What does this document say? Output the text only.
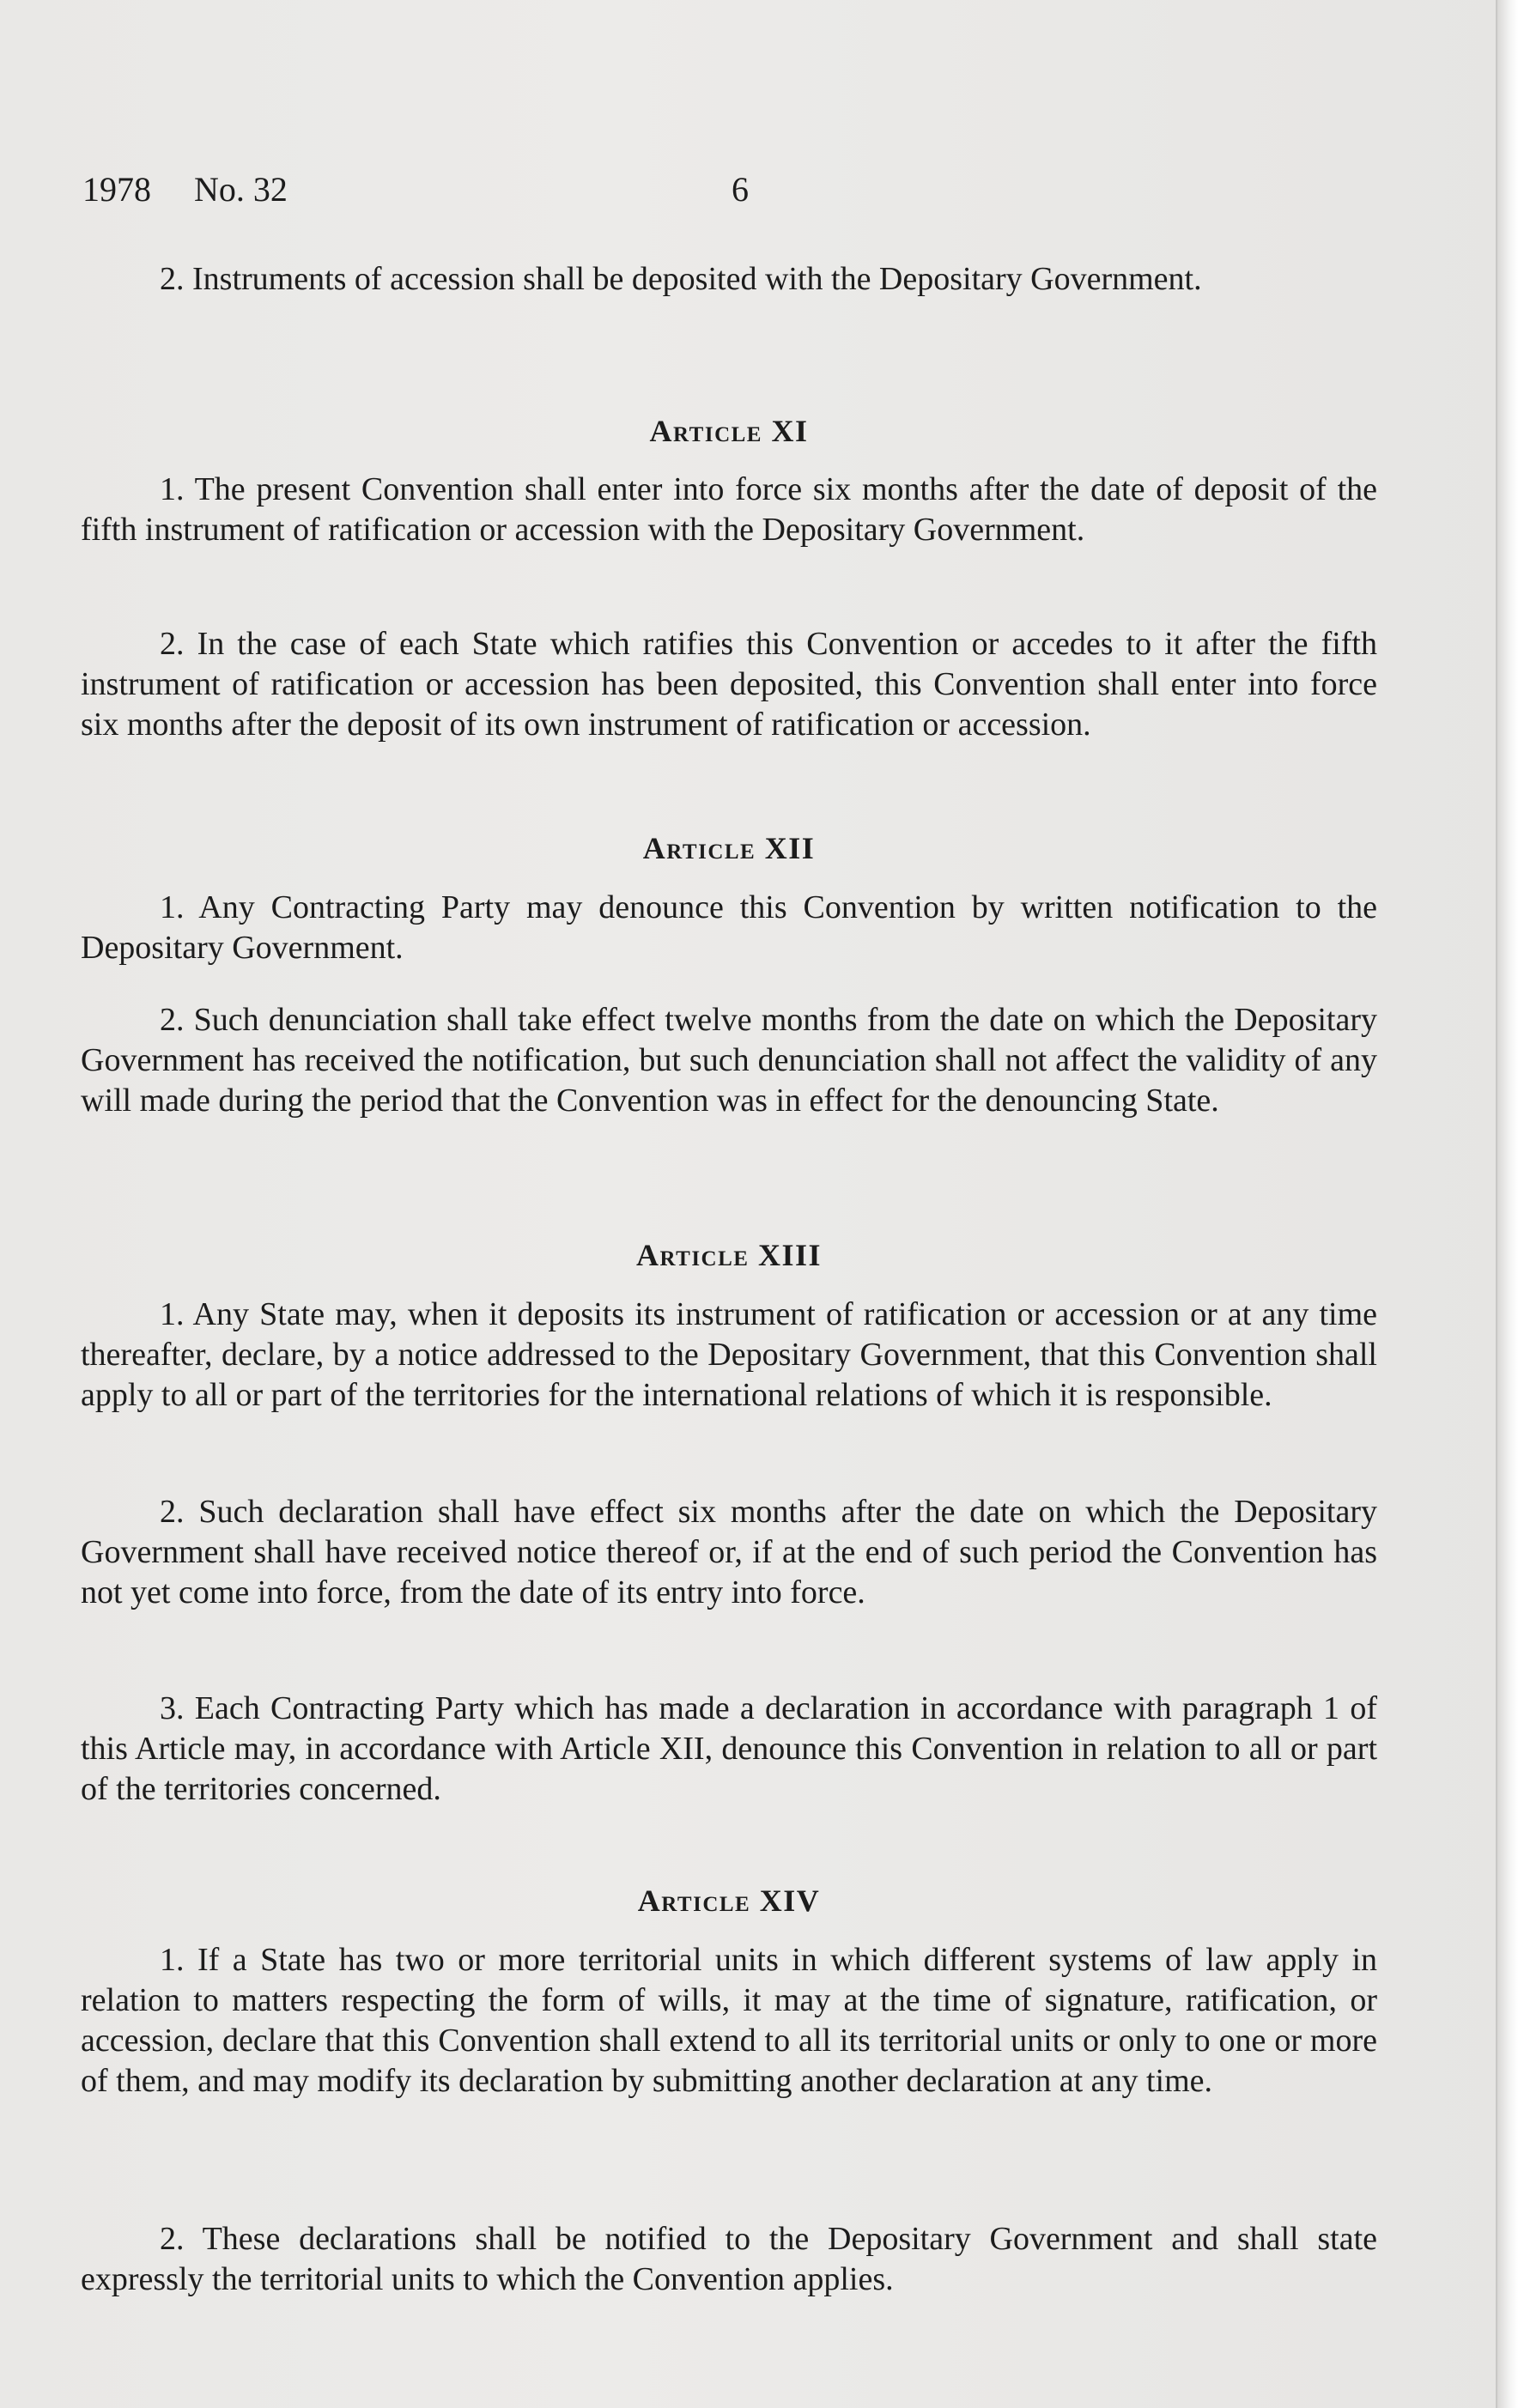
1978 No. 32	6

2. Instruments of accession shall be deposited with the Depositary Government.

Article XI

1. The present Convention shall enter into force six months after the date of deposit of the fifth instrument of ratification or accession with the Depositary Government.

2. In the case of each State which ratifies this Convention or accedes to it after the fifth instrument of ratification or accession has been deposited, this Convention shall enter into force six months after the deposit of its own instrument of ratification or accession.

Article XII

1. Any Contracting Party may denounce this Convention by written notification to the Depositary Government.

2. Such denunciation shall take effect twelve months from the date on which the Depositary Government has received the notification, but such denunciation shall not affect the validity of any will made during the period that the Convention was in effect for the denouncing State.

Article XIII

1. Any State may, when it deposits its instrument of ratification or accession or at any time thereafter, declare, by a notice addressed to the Depositary Government, that this Convention shall apply to all or part of the territories for the international relations of which it is responsible.

2. Such declaration shall have effect six months after the date on which the Depositary Government shall have received notice thereof or, if at the end of such period the Convention has not yet come into force, from the date of its entry into force.

3. Each Contracting Party which has made a declaration in accordance with paragraph 1 of this Article may, in accordance with Article XII, denounce this Convention in relation to all or part of the territories concerned.

Article XIV

1. If a State has two or more territorial units in which different systems of law apply in relation to matters respecting the form of wills, it may at the time of signature, ratification, or accession, declare that this Convention shall extend to all its territorial units or only to one or more of them, and may modify its declaration by submitting another declaration at any time.

2. These declarations shall be notified to the Depositary Government and shall state expressly the territorial units to which the Convention applies.
